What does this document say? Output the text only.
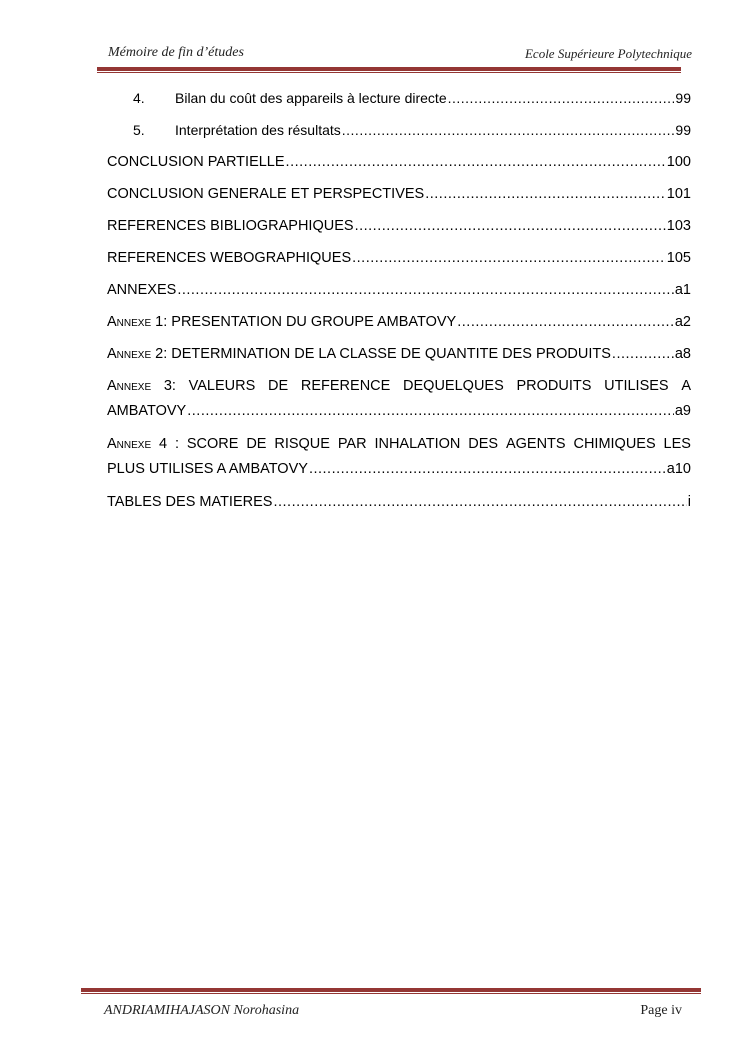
Mémoire de fin d’études	Ecole Supérieure Polytechnique
4. Bilan du coût des appareils à lecture directe .....	99
5. Interprétation des résultats .....	99
CONCLUSION PARTIELLE .....	100
CONCLUSION GENERALE ET PERSPECTIVES .....	101
REFERENCES BIBLIOGRAPHIQUES .....	103
REFERENCES WEBOGRAPHIQUES .....	105
ANNEXES .....	a1
Annexe 1: PRESENTATION DU GROUPE AMBATOVY .....	a2
Annexe 2: DETERMINATION DE LA CLASSE DE QUANTITE DES PRODUITS .....	a8
Annexe 3: VALEURS DE REFERENCE DEQUELQUES PRODUITS UTILISES A
AMBATOVY .....	a9
Annexe 4 : SCORE DE RISQUE PAR INHALATION DES AGENTS CHIMIQUES LES
PLUS UTILISES A AMBATOVY .....	a10
TABLES DES MATIERES .....	i
ANDRIAMIHAJASON Norohasina	Page iv
